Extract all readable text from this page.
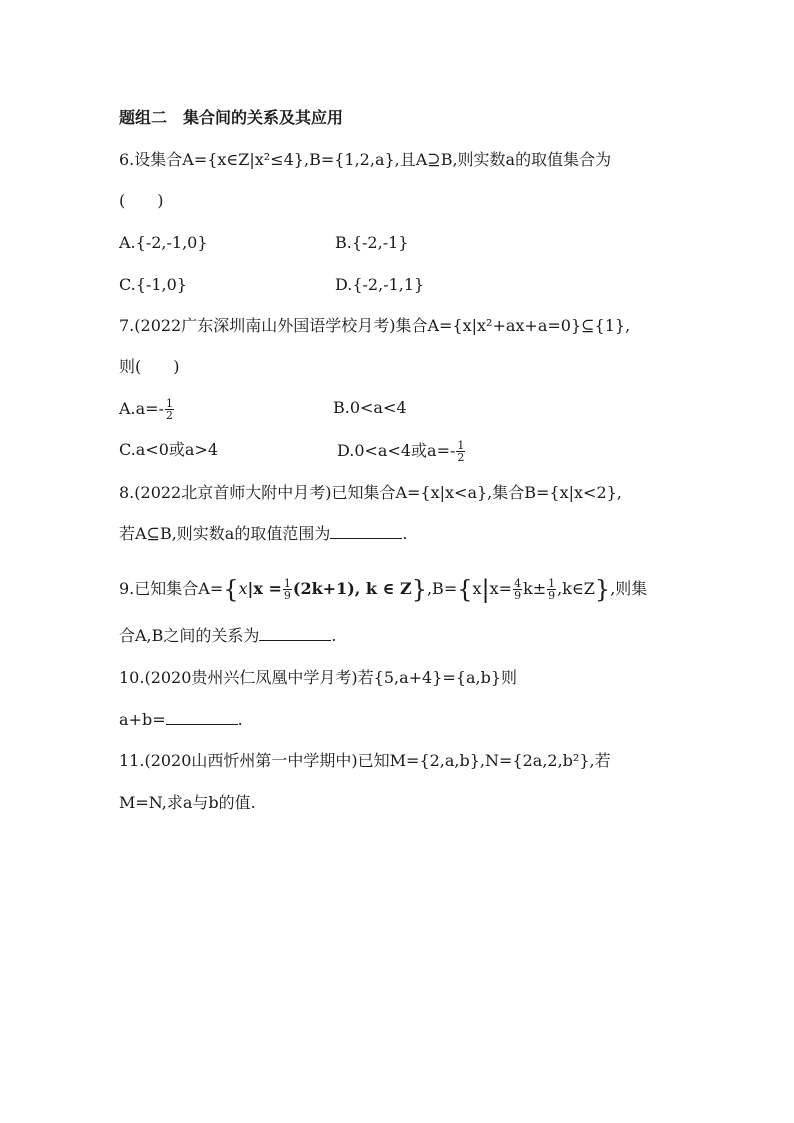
题组二　集合间的关系及其应用
6.设集合A={x∈Z|x²≤4},B={1,2,a},且A⊇B,则实数a的取值集合为
(　　)
A.{-2,-1,0}	B.{-2,-1}
C.{-1,0}	D.{-2,-1,1}
7.(2022广东深圳南山外国语学校月考)集合A={x|x²+ax+a=0}⊆{1},
则(　　)
$A.a=- \frac{1}{2}$	B.0<a<4
C.a<0或a>4	D.0<a<4或$a=- \frac{1}{2}$
8.(2022北京首师大附中月考)已知集合A={x|x<a},集合B={x|x<2},
若A⊆B,则实数a的取值范围为	.
9.已知集合$A=\{x|x = \frac{1}{9} (2k+1)$, k ∈ $Z\},B=\{x|x= \frac{4}{9} k\pm \frac{1}{9}$ ,k∈Z},则集
合A,B之间的关系为	.
10.(2020贵州兴仁凤凰中学月考)若{5,a+4}={a,b}则
a+b=	.
11.(2020山西忻州第一中学期中)已知M={2,a,b},N={2a,2,b²},若
M=N,求a与b的值.
